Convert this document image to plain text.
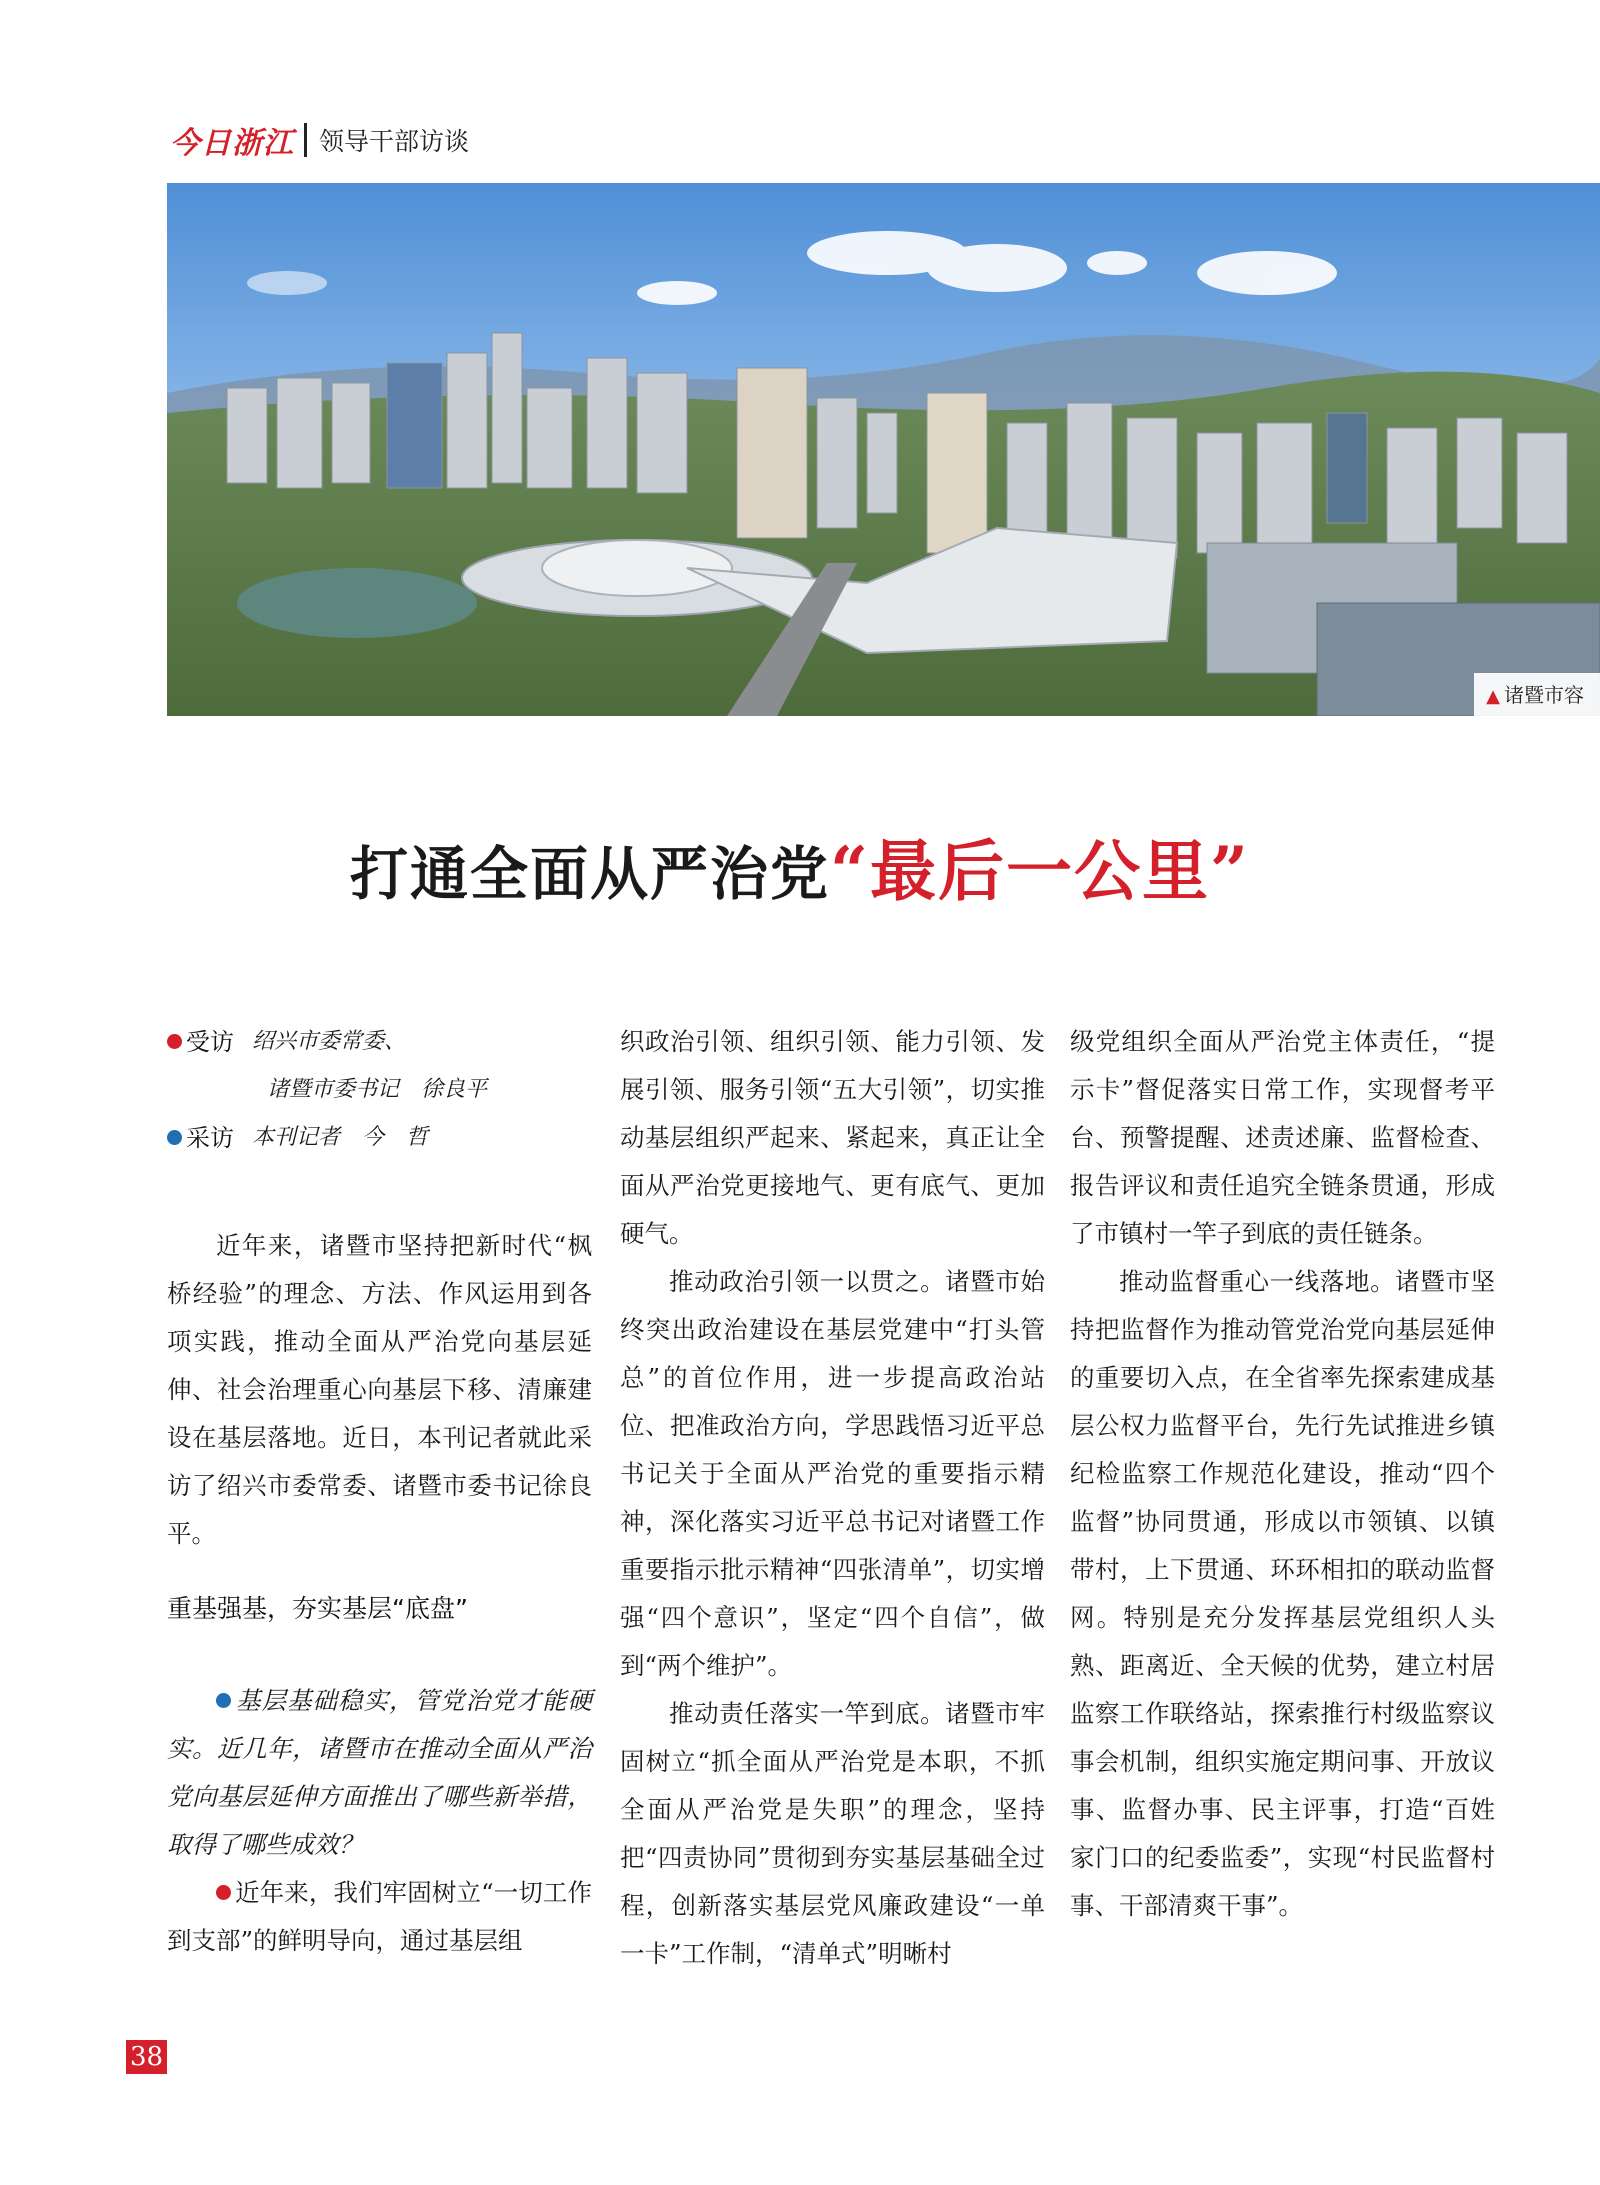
今日浙江 领导干部访谈
▲ 诸暨市容
打通全面从严治党“最后一公里”
受访 绍兴市委常委、
诸暨市委书记　徐良平
采访 本刊记者　今　哲

近年来，诸暨市坚持把新时代“枫桥经验”的理念、方法、作风运用到各项实践，推动全面从严治党向基层延伸、社会治理重心向基层下移、清廉建设在基层落地。近日，本刊记者就此采访了绍兴市委常委、诸暨市委书记徐良平。

重基强基，夯实基层“底盘”

基层基础稳实，管党治党才能硬实。近几年，诸暨市在推动全面从严治党向基层延伸方面推出了哪些新举措，取得了哪些成效？

近年来，我们牢固树立“一切工作到支部”的鲜明导向，通过基层组

织政治引领、组织引领、能力引领、发展引领、服务引领“五大引领”，切实推动基层组织严起来、紧起来，真正让全面从严治党更接地气、更有底气、更加硬气。

推动政治引领一以贯之。诸暨市始终突出政治建设在基层党建中“打头管总”的首位作用，进一步提高政治站位、把准政治方向，学思践悟习近平总书记关于全面从严治党的重要指示精神，深化落实习近平总书记对诸暨工作重要指示批示精神“四张清单”，切实增强“四个意识”，坚定“四个自信”，做到“两个维护”。

推动责任落实一竿到底。诸暨市牢固树立“抓全面从严治党是本职，不抓全面从严治党是失职”的理念，坚持把“四责协同”贯彻到夯实基层基础全过程，创新落实基层党风廉政建设“一单一卡”工作制，“清单式”明晰村

级党组织全面从严治党主体责任，“提示卡”督促落实日常工作，实现督考平台、预警提醒、述责述廉、监督检查、报告评议和责任追究全链条贯通，形成了市镇村一竿子到底的责任链条。

推动监督重心一线落地。诸暨市坚持把监督作为推动管党治党向基层延伸的重要切入点，在全省率先探索建成基层公权力监督平台，先行先试推进乡镇纪检监察工作规范化建设，推动“四个监督”协同贯通，形成以市领镇、以镇带村，上下贯通、环环相扣的联动监督网。特别是充分发挥基层党组织人头熟、距离近、全天候的优势，建立村居监察工作联络站，探索推行村级监察议事会机制，组织实施定期问事、开放议事、监督办事、民主评事，打造“百姓家门口的纪委监委”，实现“村民监督村事、干部清爽干事”。

38
